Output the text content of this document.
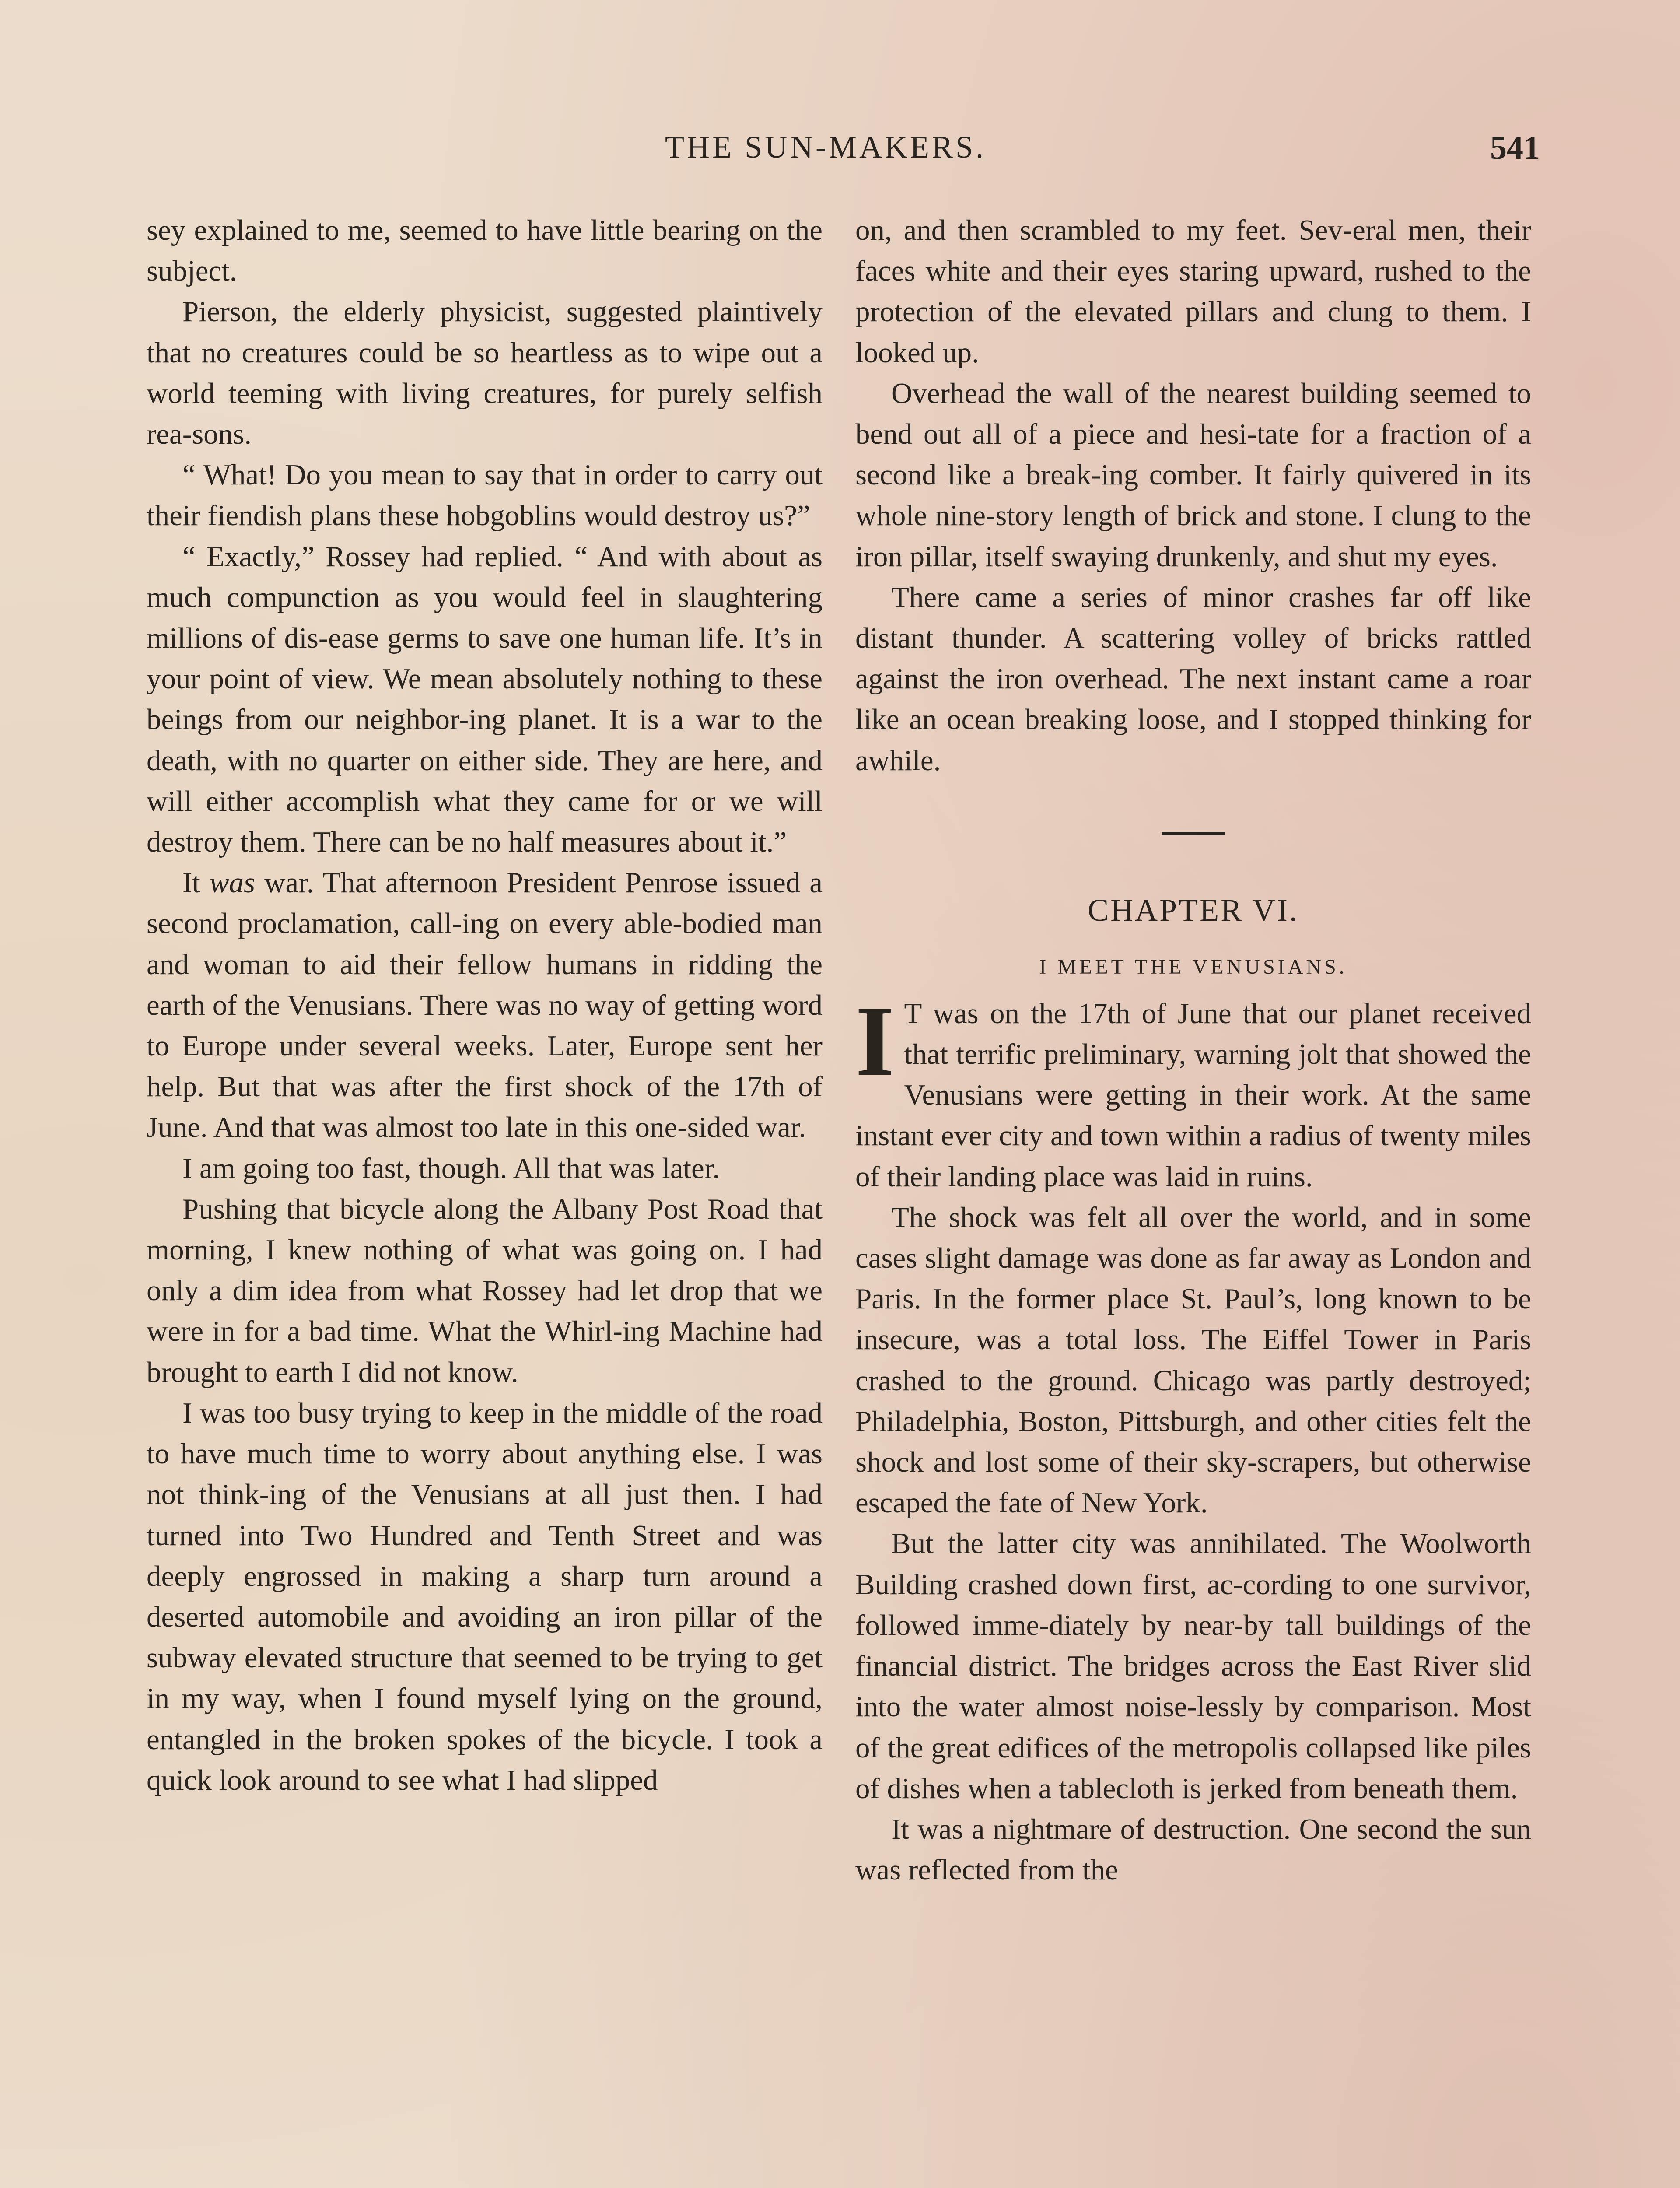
THE SUN-MAKERS.	541

sey explained to me, seemed to have little bearing on the subject.

Pierson, the elderly physicist, suggested plaintively that no creatures could be so heartless as to wipe out a world teeming with living creatures, for purely selfish rea-sons.

“ What! Do you mean to say that in order to carry out their fiendish plans these hobgoblins would destroy us?”

“ Exactly,” Rossey had replied. “ And with about as much compunction as you would feel in slaughtering millions of dis-ease germs to save one human life. It’s in your point of view. We mean absolutely nothing to these beings from our neighbor-ing planet. It is a war to the death, with no quarter on either side. They are here, and will either accomplish what they came for or we will destroy them. There can be no half measures about it.”

It was war. That afternoon President Penrose issued a second proclamation, call-ing on every able-bodied man and woman to aid their fellow humans in ridding the earth of the Venusians. There was no way of getting word to Europe under several weeks. Later, Europe sent her help. But that was after the first shock of the 17th of June. And that was almost too late in this one-sided war.

I am going too fast, though. All that was later.

Pushing that bicycle along the Albany Post Road that morning, I knew nothing of what was going on. I had only a dim idea from what Rossey had let drop that we were in for a bad time. What the Whirl-ing Machine had brought to earth I did not know.

I was too busy trying to keep in the middle of the road to have much time to worry about anything else. I was not think-ing of the Venusians at all just then. I had turned into Two Hundred and Tenth Street and was deeply engrossed in making a sharp turn around a deserted automobile and avoiding an iron pillar of the subway elevated structure that seemed to be trying to get in my way, when I found myself lying on the ground, entangled in the broken spokes of the bicycle. I took a quick look around to see what I had slipped

on, and then scrambled to my feet. Sev-eral men, their faces white and their eyes staring upward, rushed to the protection of the elevated pillars and clung to them. I looked up.

Overhead the wall of the nearest building seemed to bend out all of a piece and hesi-tate for a fraction of a second like a break-ing comber. It fairly quivered in its whole nine-story length of brick and stone. I clung to the iron pillar, itself swaying drunkenly, and shut my eyes.

There came a series of minor crashes far off like distant thunder. A scattering volley of bricks rattled against the iron overhead. The next instant came a roar like an ocean breaking loose, and I stopped thinking for awhile.

CHAPTER VI.
I MEET THE VENUSIANS.

I T was on the 17th of June that our planet received that terrific preliminary, warning jolt that showed the Venusians were getting in their work. At the same instant ever city and town within a radius of twenty miles of their landing place was laid in ruins.

The shock was felt all over the world, and in some cases slight damage was done as far away as London and Paris. In the former place St. Paul’s, long known to be insecure, was a total loss. The Eiffel Tower in Paris crashed to the ground. Chicago was partly destroyed; Philadelphia, Boston, Pittsburgh, and other cities felt the shock and lost some of their sky-scrapers, but otherwise escaped the fate of New York.

But the latter city was annihilated. The Woolworth Building crashed down first, ac-cording to one survivor, followed imme-diately by near-by tall buildings of the financial district. The bridges across the East River slid into the water almost noise-lessly by comparison. Most of the great edifices of the metropolis collapsed like piles of dishes when a tablecloth is jerked from beneath them.

It was a nightmare of destruction. One second the sun was reflected from the
